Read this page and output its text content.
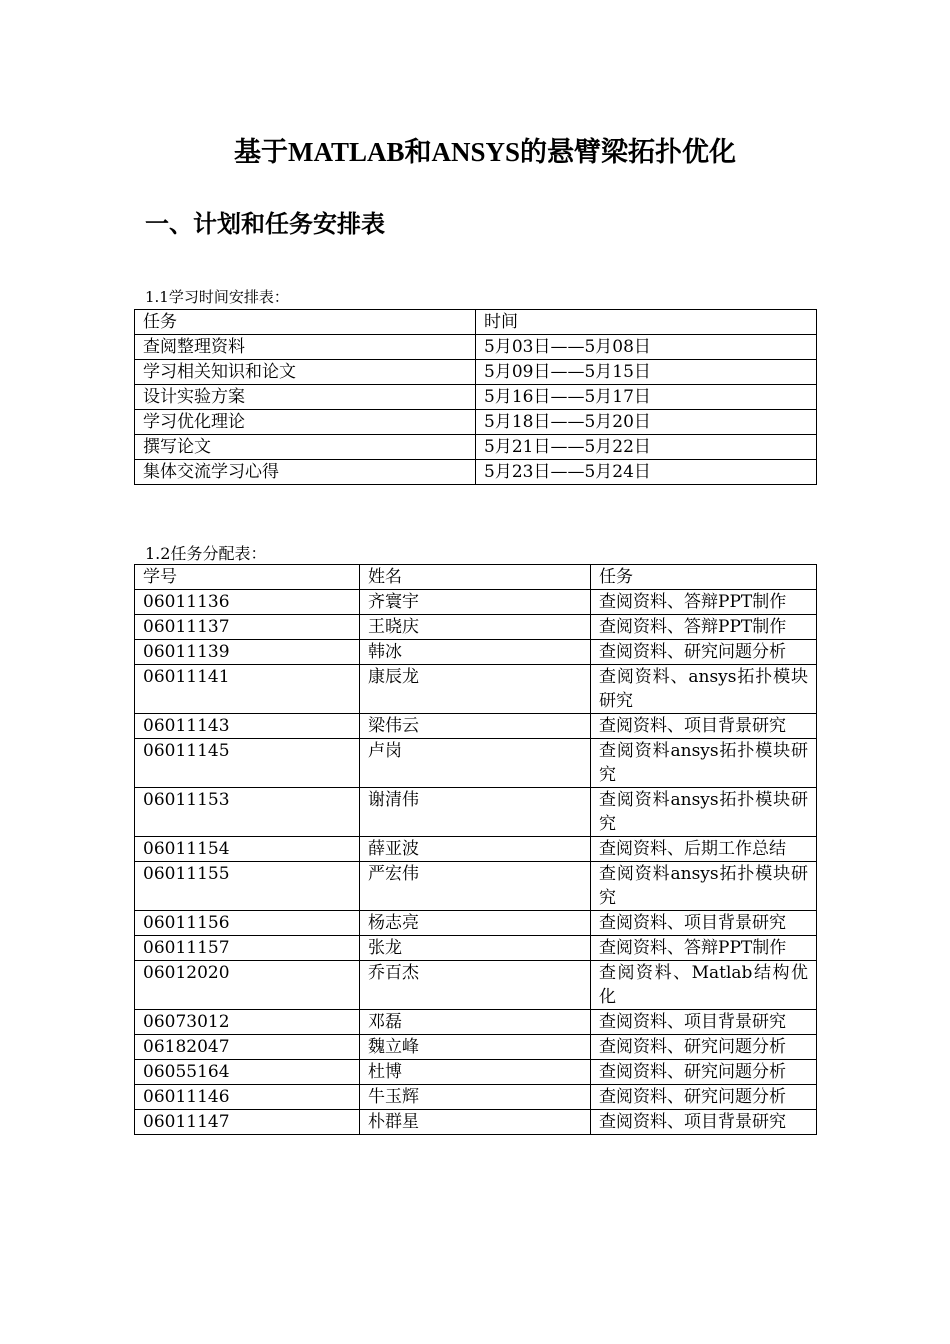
基于MATLAB和ANSYS的悬臂梁拓扑优化
一、计划和任务安排表
1.1学习时间安排表：
任务	时间
查阅整理资料	5月03日——5月08日
学习相关知识和论文	5月09日——5月15日
设计实验方案	5月16日——5月17日
学习优化理论	5月18日——5月20日
撰写论文	5月21日——5月22日
集体交流学习心得	5月23日——5月24日
1.2任务分配表：
学号	姓名	任务
06011136	齐寰宇	查阅资料、答辩PPT制作
06011137	王晓庆	查阅资料、答辩PPT制作
06011139	韩冰	查阅资料、研究问题分析
06011141	康辰龙	查阅资料、ansys拓扑模块研究
06011143	梁伟云	查阅资料、项目背景研究
06011145	卢岗	查阅资料ansys拓扑模块研究
06011153	谢清伟	查阅资料ansys拓扑模块研究
06011154	薛亚波	查阅资料、后期工作总结
06011155	严宏伟	查阅资料ansys拓扑模块研究
06011156	杨志亮	查阅资料、项目背景研究
06011157	张龙	查阅资料、答辩PPT制作
06012020	乔百杰	查阅资料、Matlab结构优化
06073012	邓磊	查阅资料、项目背景研究
06182047	魏立峰	查阅资料、研究问题分析
06055164	杜博	查阅资料、研究问题分析
06011146	牛玉辉	查阅资料、研究问题分析
06011147	朴群星	查阅资料、项目背景研究
